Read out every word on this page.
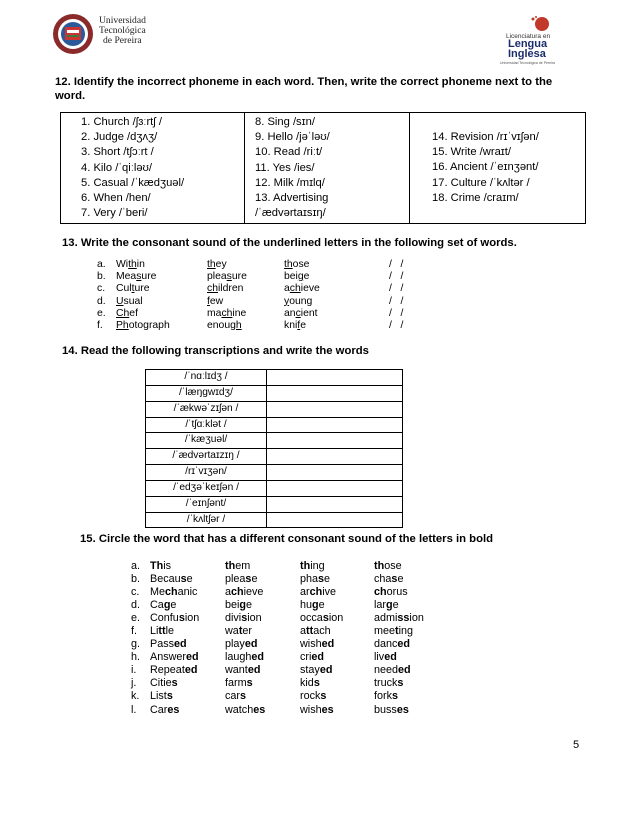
Universidad
Tecnológica
de Pereira	Licenciatura en
Lengua
Inglesa
Universidad Tecnológica de Pereira
12. Identify the incorrect phoneme in each word. Then, write the correct phoneme next to the
word.
1. Church /ʃɜːrtʃ /
2. Judge /dʒʌʒ/
3. Short /tʃɔːrt /
4. Kilo /ˈqiːləʊ/
5. Casual /ˈkædʒuəl/
6. When /hen/
7. Very /ˈberi/
8. Sing /sɪn/
9. Hello /jəˈləʊ/
10. Read /riːt/
11. Yes /ies/
12. Milk /mɪlq/
13. Advertising
/ˈædvərtaɪsɪŋ/
14. Revision /rɪˈvɪʃən/
15. Write /wraɪt/
16. Ancient /ˈeɪnʒənt/
17. Culture /ˈkʌltər /
18. Crime /craɪm/
13. Write the consonant sound of the underlined letters in the following set of words.
a. Within	they	those	/   /
b. Measure	pleasure	beige	/   /
c. Culture	children	achieve	/   /
d. Usual	few	young	/   /
e. Chef	machine	ancient	/   /
f. Photograph	enough	knife	/   /
14. Read the following transcriptions and write the words
/ˈnɑːlɪdʒ /
/ˈlæŋɡwɪdʒ/
/ˈækwəˈzɪʃən /
/ˈtʃɑːklət /
/ˈkæʒuəl/
/ˈædvərtaɪzɪŋ /
/rɪˈvɪʒən/
/ˈedʒəˈkeɪʃən /
/ˈeɪnʃənt/
/ˈkʌltʃər /
15. Circle the word that has a different consonant sound of the letters in bold
a. This	them	thing	those
b. Because	please	phase	chase
c. Mechanic	achieve	archive	chorus
d. Cage	beige	huge	large
e. Confusion division	occasion	admission
f. Little	water	attach	meeting
g. Passed	played	wished	danced
h. Answered laughed	cried	lived
i. Repeated	wanted	stayed	needed
j. Cities	farms	kids	trucks
k. Lists	cars	rocks	forks
l. Cares	watches	wishes	busses
5
